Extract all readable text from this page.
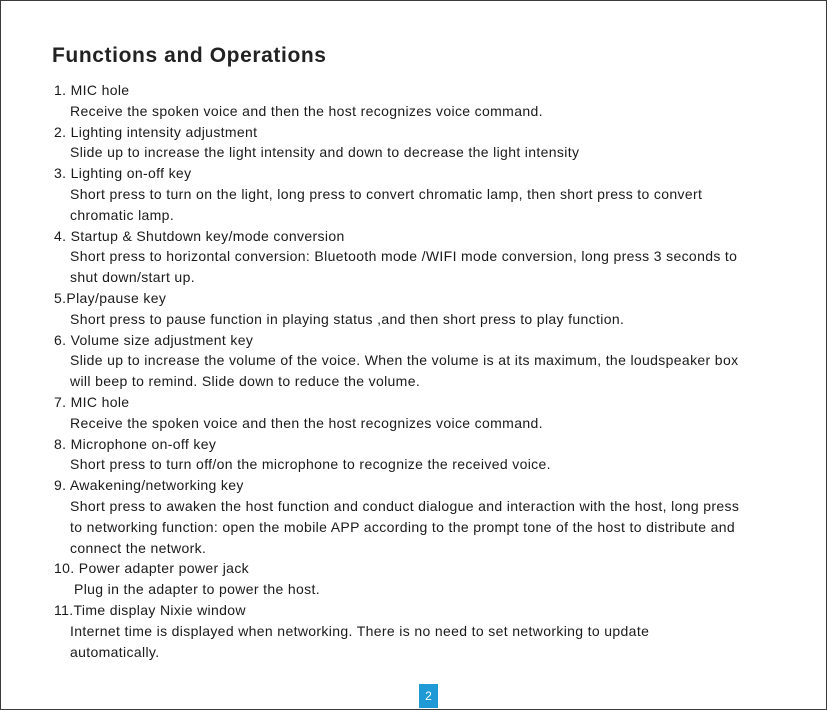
Functions and Operations
1. MIC hole
Receive the spoken voice and then the host recognizes voice command.
2. Lighting intensity adjustment
Slide up to increase the light intensity and down to decrease the light intensity
3. Lighting on-off key
Short press to turn on the light, long press to convert chromatic lamp, then short press to convert
chromatic lamp.
4. Startup & Shutdown key/mode conversion
Short press to horizontal conversion: Bluetooth mode /WIFI mode conversion, long press 3 seconds to
shut down/start up.
5.Play/pause key
Short press to pause function in playing status ,and then short press to play function.
6. Volume size adjustment key
Slide up to increase the volume of the voice. When the volume is at its maximum, the loudspeaker box
will beep to remind. Slide down to reduce the volume.
7. MIC hole
Receive the spoken voice and then the host recognizes voice command.
8. Microphone on-off key
Short press to turn off/on the microphone to recognize the received voice.
9. Awakening/networking key
Short press to awaken the host function and conduct dialogue and interaction with the host, long press
to networking function: open the mobile APP according to the prompt tone of the host to distribute and
connect the network.
10. Power adapter power jack
Plug in the adapter to power the host.
11.Time display Nixie window
Internet time is displayed when networking. There is no need to set networking to update
automatically.
2
